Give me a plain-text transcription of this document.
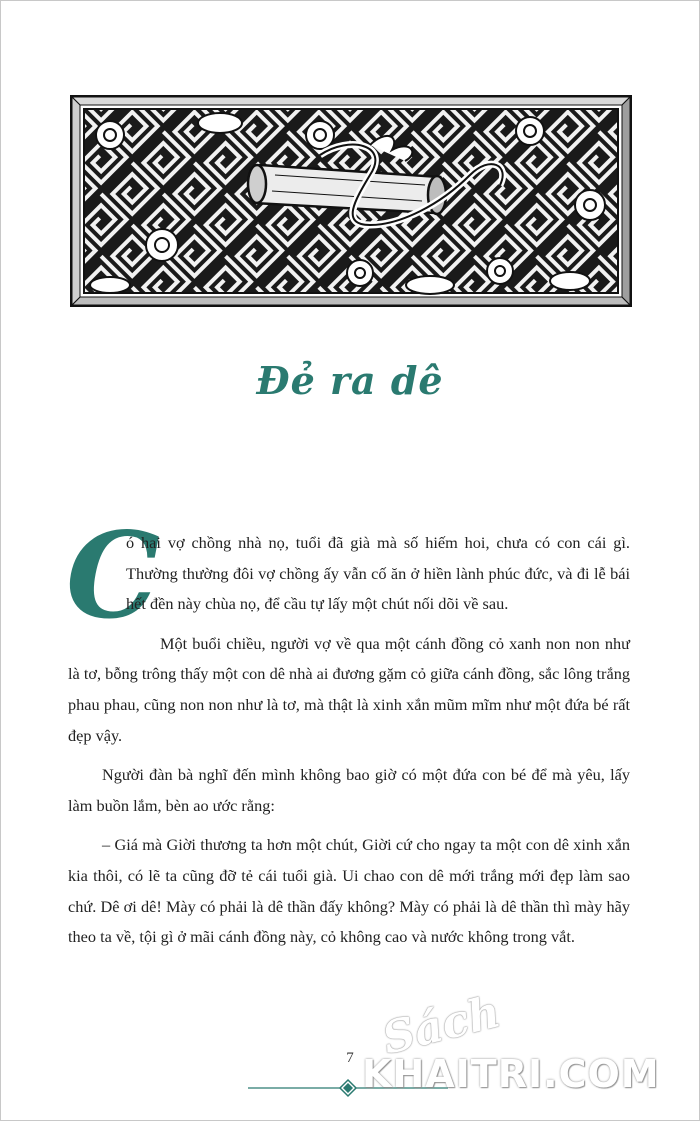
Đẻ ra dê

C
ó hai vợ chồng nhà nọ, tuổi đã già mà số hiếm hoi, chưa có con cái gì. Thường thường đôi vợ chồng ấy vẫn cố ăn ở hiền lành phúc đức, và đi lễ bái hết đền này chùa nọ, để cầu tự lấy một chút nối dõi về sau.

Một buổi chiều, người vợ về qua một cánh đồng cỏ xanh non non như là tơ, bỗng trông thấy một con dê nhà ai đương gặm cỏ giữa cánh đồng, sắc lông trắng phau phau, cũng non non như là tơ, mà thật là xinh xắn mũm mĩm như một đứa bé rất đẹp vậy.

Người đàn bà nghĩ đến mình không bao giờ có một đứa con bé để mà yêu, lấy làm buồn lắm, bèn ao ước rằng:

– Giá mà Giời thương ta hơn một chút, Giời cứ cho ngay ta một con dê xinh xắn kia thôi, có lẽ ta cũng đỡ tẻ cái tuổi già. Ui chao con dê mới trắng mới đẹp làm sao chứ. Dê ơi dê! Mày có phải là dê thần đấy không? Mày có phải là dê thần thì mày hãy theo ta về, tội gì ở mãi cánh đồng này, cỏ không cao và nước không trong vắt.

7 Sách
KHAITRI.COM
